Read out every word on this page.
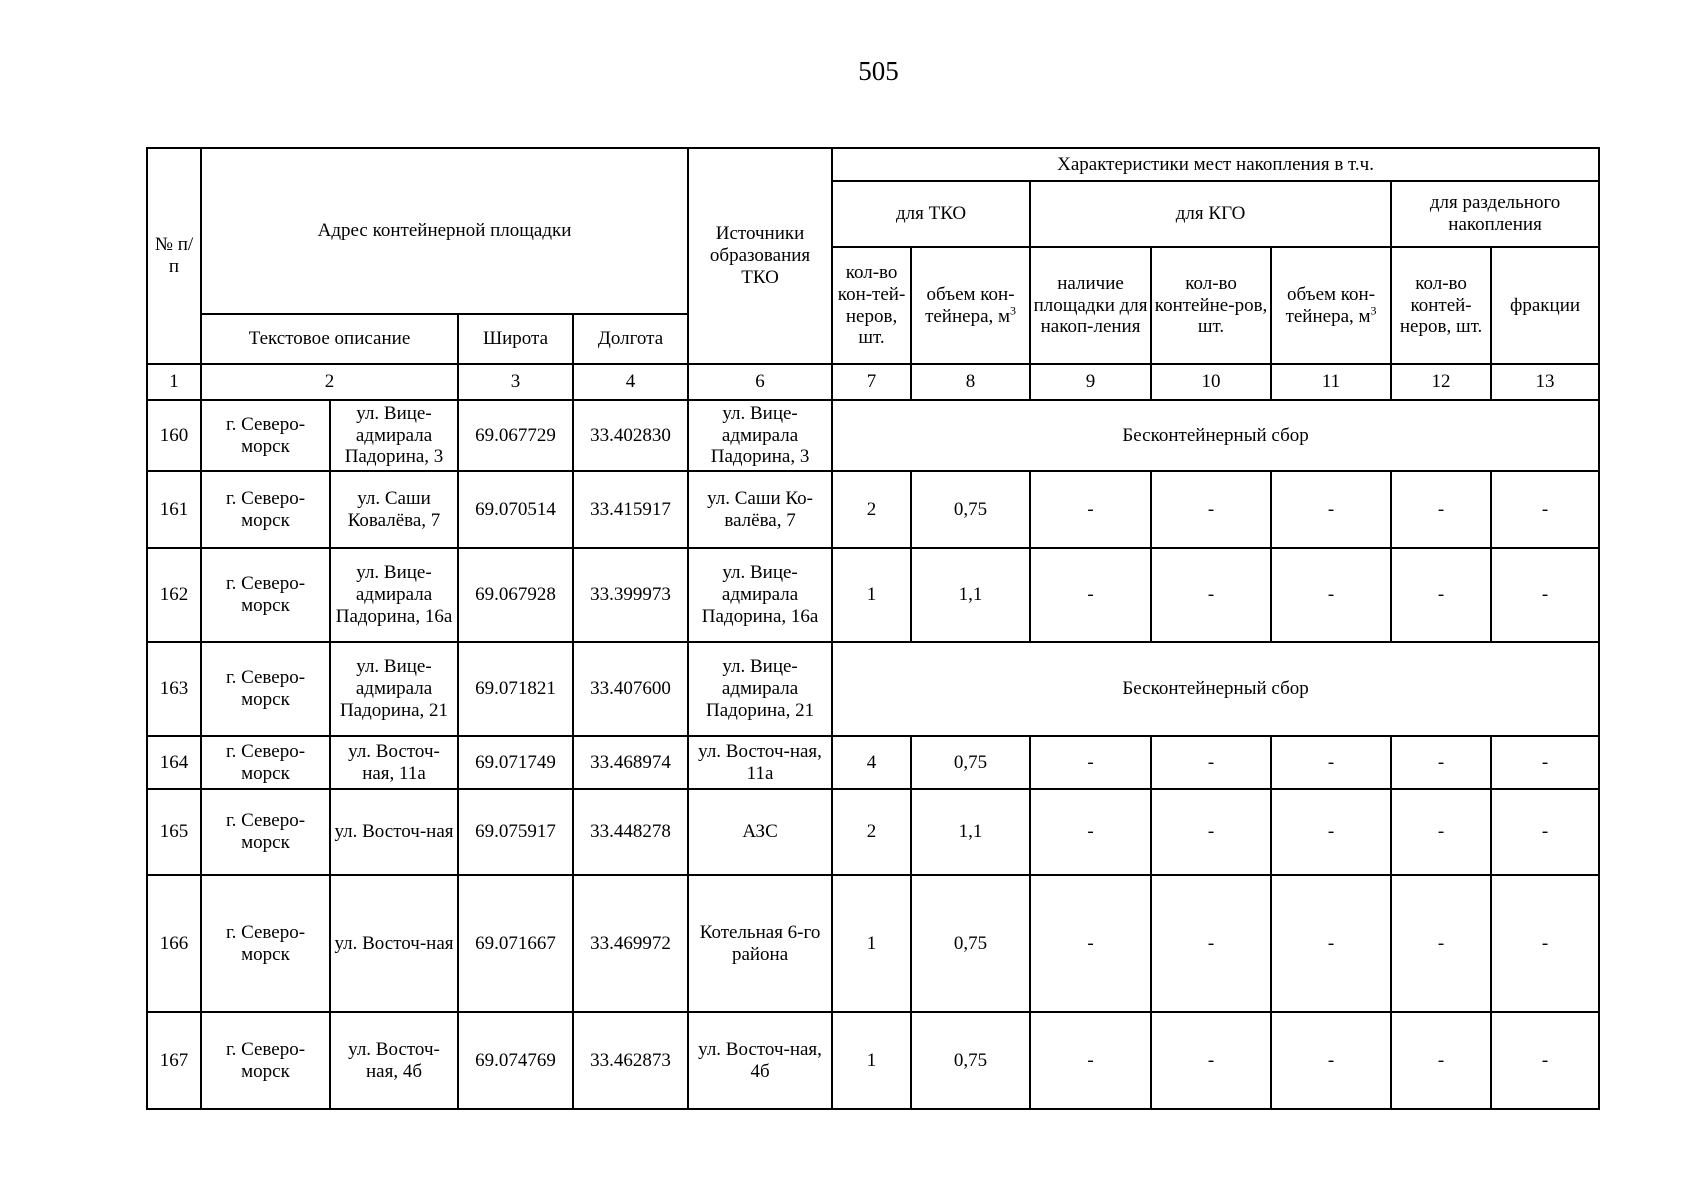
505
№ п/п	Адрес контейнерной площадки				Источники образования ТКО	Характеристики мест накопления в т.ч.						
						для ТКО		для КГО			для раздельного накопления	
						кол-во кон-тей-неров, шт.	объем кон-тейнера, $м^3$	наличие площадки для накоп-ления	кол-во контейне-ров, шт.	объем кон-тейнера, $м^3$	кол-во контей-неров, шт.	фракции
	Текстовое описание		Широта	Долгота								
1	2		3	4	6	7	8	9	10	11	12	13
160	г. Северо-морск	ул. Вице-адмирала Падорина, 3	69.067729	33.402830	ул. Вице-адмирала Падорина, 3	Бесконтейнерный сбор						
161	г. Северо-морск	ул. Саши Ковалёва, 7	69.070514	33.415917	ул. Саши Ко-валёва, 7	2	0,75	-	-	-	-	-
162	г. Северо-морск	ул. Вице-адмирала Падорина, 16а	69.067928	33.399973	ул. Вице-адмирала Падорина, 16а	1	1,1	-	-	-	-	-
163	г. Северо-морск	ул. Вице-адмирала Падорина, 21	69.071821	33.407600	ул. Вице-адмирала Падорина, 21	Бесконтейнерный сбор						
164	г. Северо-морск	ул. Восточ-ная, 11а	69.071749	33.468974	ул. Восточ-ная, 11а	4	0,75	-	-	-	-	-
165	г. Северо-морск	ул. Восточ-ная	69.075917	33.448278	АЗС	2	1,1	-	-	-	-	-
166	г. Северо-морск	ул. Восточ-ная	69.071667	33.469972	Котельная 6-го района	1	0,75	-	-	-	-	-
167	г. Северо-морск	ул. Восточ-ная, 4б	69.074769	33.462873	ул. Восточ-ная, 4б	1	0,75	-	-	-	-	-
